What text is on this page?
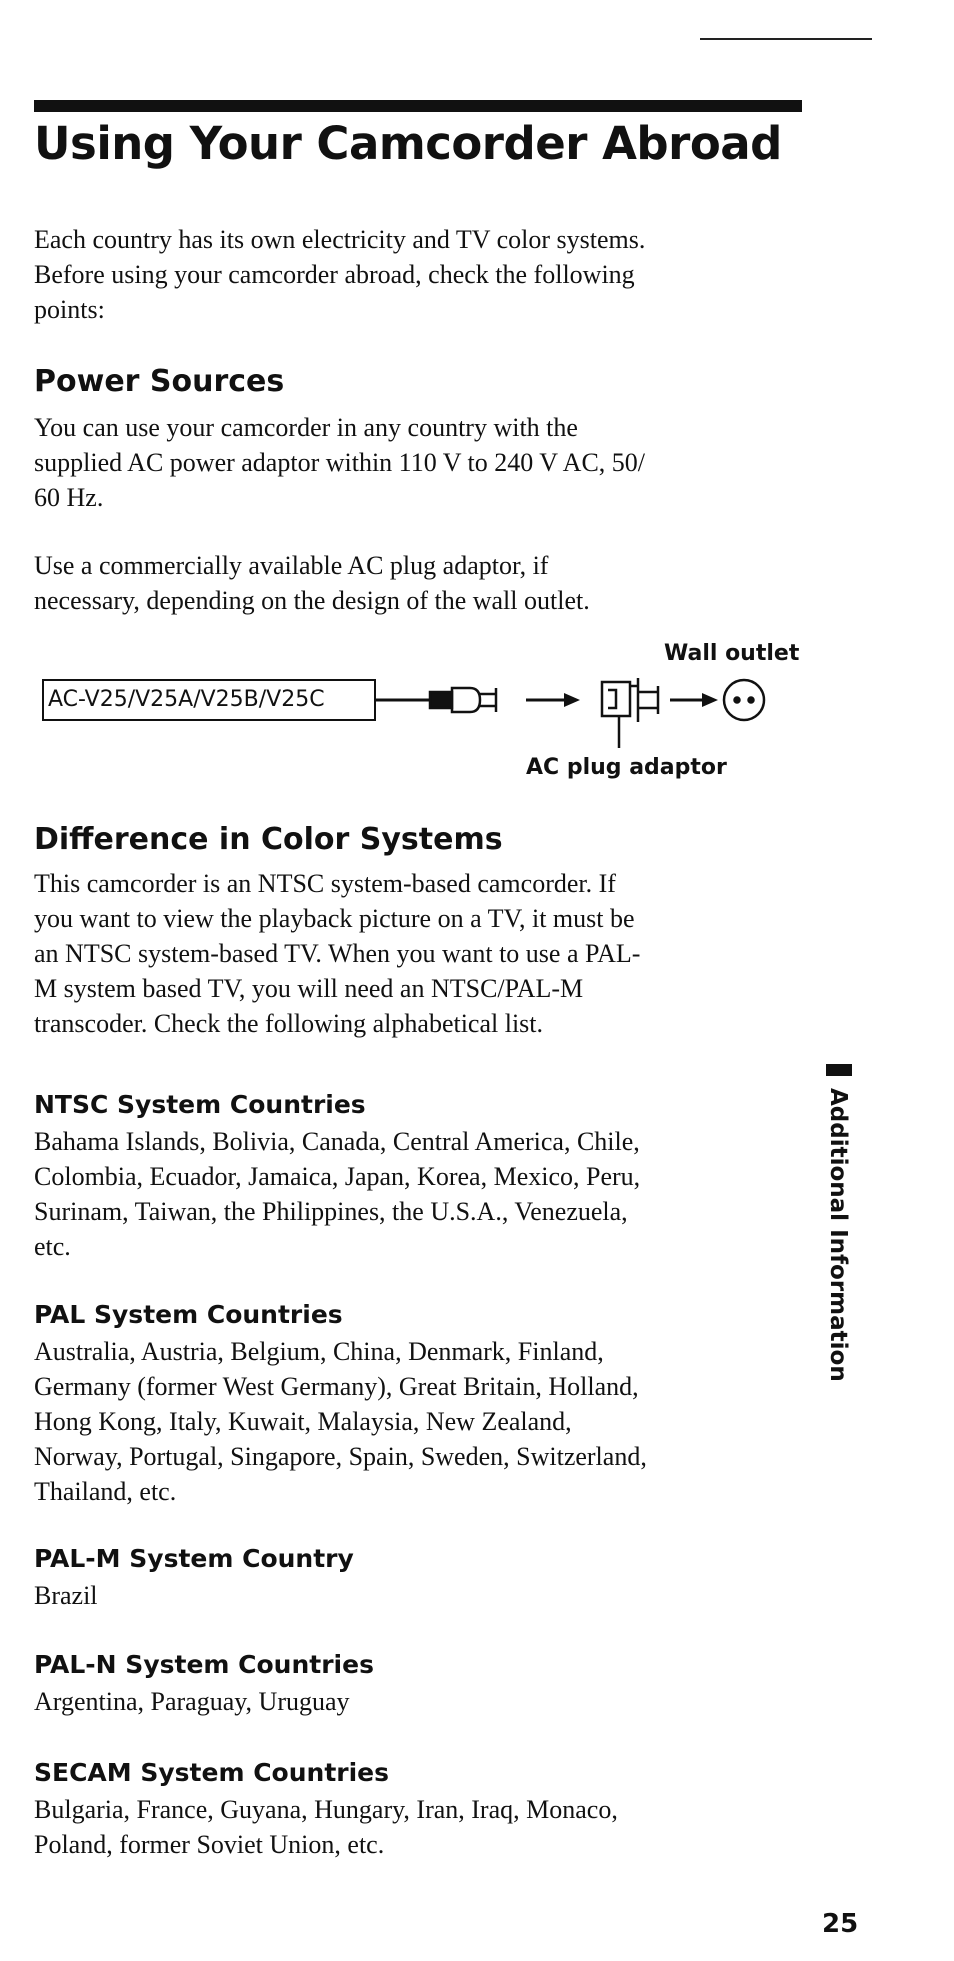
Using Your Camcorder Abroad

Each country has its own electricity and TV color systems.
Before using your camcorder abroad, check the following
points:

Power Sources

You can use your camcorder in any country with the
supplied AC power adaptor within 110 V to 240 V AC, 50/
60 Hz.

Use a commercially available AC plug adaptor, if
necessary, depending on the design of the wall outlet.

Wall outlet
AC-V25/V25A/V25B/V25C
AC plug adaptor
Difference in Color Systems

This camcorder is an NTSC system-based camcorder. If
you want to view the playback picture on a TV, it must be
an NTSC system-based TV. When you want to use a PAL-
M system based TV, you will need an NTSC/PAL-M
transcoder. Check the following alphabetical list.

NTSC System Countries

Bahama Islands, Bolivia, Canada, Central America, Chile,
Colombia, Ecuador, Jamaica, Japan, Korea, Mexico, Peru,
Surinam, Taiwan, the Philippines, the U.S.A., Venezuela,
etc.

PAL System Countries

Australia, Austria, Belgium, China, Denmark, Finland,
Germany (former West Germany), Great Britain, Holland,
Hong Kong, Italy, Kuwait, Malaysia, New Zealand,
Norway, Portugal, Singapore, Spain, Sweden, Switzerland,
Thailand, etc.

PAL-M System Country

Brazil

PAL-N System Countries

Argentina, Paraguay, Uruguay

SECAM System Countries

Bulgaria, France, Guyana, Hungary, Iran, Iraq, Monaco,
Poland, former Soviet Union, etc.

Additional Information

25
